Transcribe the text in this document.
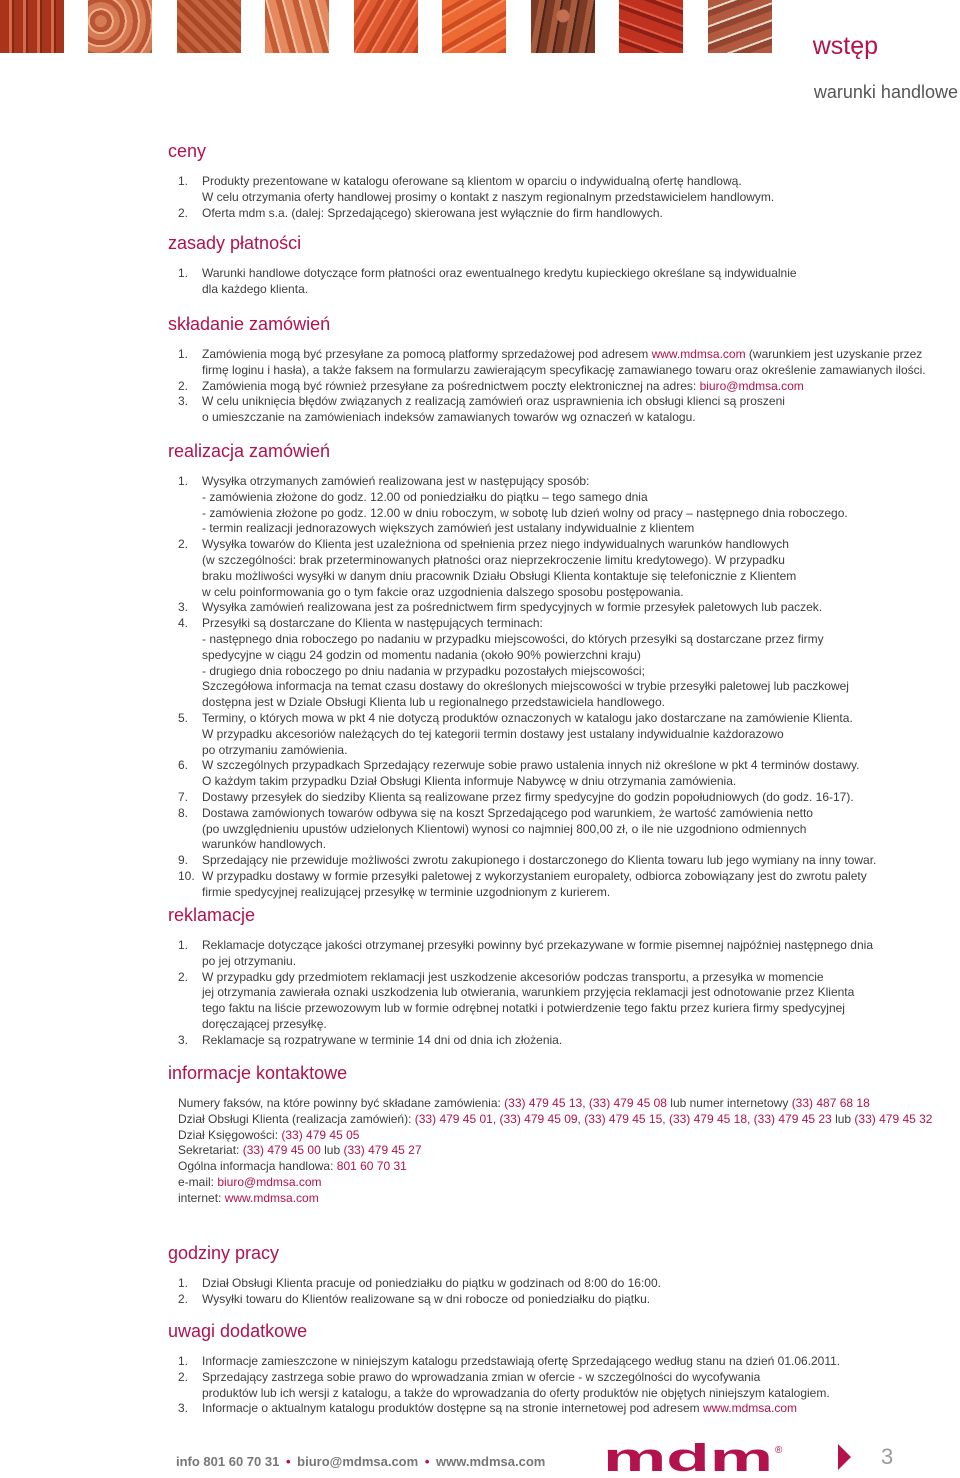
wstęp
warunki handlowe
ceny
1. Produkty prezentowane w katalogu oferowane są klientom w oparciu o indywidualną ofertę handlową.
W celu otrzymania oferty handlowej prosimy o kontakt z naszym regionalnym przedstawicielem handlowym.
2. Oferta mdm s.a. (dalej: Sprzedającego) skierowana jest wyłącznie do firm handlowych.
zasady płatności
1. Warunki handlowe dotyczące form płatności oraz ewentualnego kredytu kupieckiego określane są indywidualnie
dla każdego klienta.
składanie zamówień
1. Zamówienia mogą być przesyłane za pomocą platformy sprzedażowej pod adresem www.mdmsa.com (warunkiem jest uzyskanie przez
firmę loginu i hasła), a także faksem na formularzu zawierającym specyfikację zamawianego towaru oraz określenie zamawianych ilości.
2. Zamówienia mogą być również przesyłane za pośrednictwem poczty elektronicznej na adres: biuro@mdmsa.com
3. W celu uniknięcia błędów związanych z realizacją zamówień oraz usprawnienia ich obsługi klienci są proszeni
o umieszczanie na zamówieniach indeksów zamawianych towarów wg oznaczeń w katalogu.
realizacja zamówień
1. Wysyłka otrzymanych zamówień realizowana jest w następujący sposób:
- zamówienia złożone do godz. 12.00 od poniedziałku do piątku – tego samego dnia
- zamówienia złożone po godz. 12.00 w dniu roboczym, w sobotę lub dzień wolny od pracy – następnego dnia roboczego.
- termin realizacji jednorazowych większych zamówień jest ustalany indywidualnie z klientem
2. Wysyłka towarów do Klienta jest uzależniona od spełnienia przez niego indywidualnych warunków handlowych
(w szczególności: brak przeterminowanych płatności oraz nieprzekroczenie limitu kredytowego). W przypadku
braku możliwości wysyłki w danym dniu pracownik Działu Obsługi Klienta kontaktuje się telefonicznie z Klientem
w celu poinformowania go o tym fakcie oraz uzgodnienia dalszego sposobu postępowania.
3. Wysyłka zamówień realizowana jest za pośrednictwem firm spedycyjnych w formie przesyłek paletowych lub paczek.
4. Przesyłki są dostarczane do Klienta w następujących terminach:
- następnego dnia roboczego po nadaniu w przypadku miejscowości, do których przesyłki są dostarczane przez firmy
spedycyjne w ciągu 24 godzin od momentu nadania (około 90% powierzchni kraju)
- drugiego dnia roboczego po dniu nadania w przypadku pozostałych miejscowości;
Szczegółowa informacja na temat czasu dostawy do określonych miejscowości w trybie przesyłki paletowej lub paczkowej
dostępna jest w Dziale Obsługi Klienta lub u regionalnego przedstawiciela handlowego.
5. Terminy, o których mowa w pkt 4 nie dotyczą produktów oznaczonych w katalogu jako dostarczane na zamówienie Klienta.
W przypadku akcesoriów należących do tej kategorii termin dostawy jest ustalany indywidualnie każdorazowo
po otrzymaniu zamówienia.
6. W szczególnych przypadkach Sprzedający rezerwuje sobie prawo ustalenia innych niż określone w pkt 4 terminów dostawy.
O każdym takim przypadku Dział Obsługi Klienta informuje Nabywcę w dniu otrzymania zamówienia.
7. Dostawy przesyłek do siedziby Klienta są realizowane przez firmy spedycyjne do godzin popołudniowych (do godz. 16-17).
8. Dostawa zamówionych towarów odbywa się na koszt Sprzedającego pod warunkiem, że wartość zamówienia netto
(po uwzględnieniu upustów udzielonych Klientowi) wynosi co najmniej 800,00 zł, o ile nie uzgodniono odmiennych
warunków handlowych.
9. Sprzedający nie przewiduje możliwości zwrotu zakupionego i dostarczonego do Klienta towaru lub jego wymiany na inny towar.
10. W przypadku dostawy w formie przesyłki paletowej z wykorzystaniem europalety, odbiorca zobowiązany jest do zwrotu palety
firmie spedycyjnej realizującej przesyłkę w terminie uzgodnionym z kurierem.
reklamacje
1. Reklamacje dotyczące jakości otrzymanej przesyłki powinny być przekazywane w formie pisemnej najpóźniej następnego dnia
po jej otrzymaniu.
2. W przypadku gdy przedmiotem reklamacji jest uszkodzenie akcesoriów podczas transportu, a przesyłka w momencie
jej otrzymania zawierała oznaki uszkodzenia lub otwierania, warunkiem przyjęcia reklamacji jest odnotowanie przez Klienta
tego faktu na liście przewozowym lub w formie odrębnej notatki i potwierdzenie tego faktu przez kuriera firmy spedycyjnej
doręczającej przesyłkę.
3. Reklamacje są rozpatrywane w terminie 14 dni od dnia ich złożenia.
informacje kontaktowe
Numery faksów, na które powinny być składane zamówienia: (33) 479 45 13, (33) 479 45 08 lub numer internetowy (33) 487 68 18
Dział Obsługi Klienta (realizacja zamówień): (33) 479 45 01, (33) 479 45 09, (33) 479 45 15, (33) 479 45 18, (33) 479 45 23 lub (33) 479 45 32
Dział Księgowości: (33) 479 45 05
Sekretariat: (33) 479 45 00 lub (33) 479 45 27
Ogólna informacja handlowa: 801 60 70 31
e-mail: biuro@mdmsa.com
internet: www.mdmsa.com
godziny pracy
1. Dział Obsługi Klienta pracuje od poniedziałku do piątku w godzinach od 8:00 do 16:00.
2. Wysyłki towaru do Klientów realizowane są w dni robocze od poniedziałku do piątku.
uwagi dodatkowe
1. Informacje zamieszczone w niniejszym katalogu przedstawiają ofertę Sprzedającego według stanu na dzień 01.06.2011.
2. Sprzedający zastrzega sobie prawo do wprowadzania zmian w ofercie - w szczególności do wycofywania
produktów lub ich wersji z katalogu, a także do wprowadzania do oferty produktów nie objętych niniejszym katalogiem.
3. Informacje o aktualnym katalogu produktów dostępne są na stronie internetowej pod adresem www.mdmsa.com
info 801 60 70 31 • biuro@mdmsa.com • www.mdmsa.com mdm ®	3
